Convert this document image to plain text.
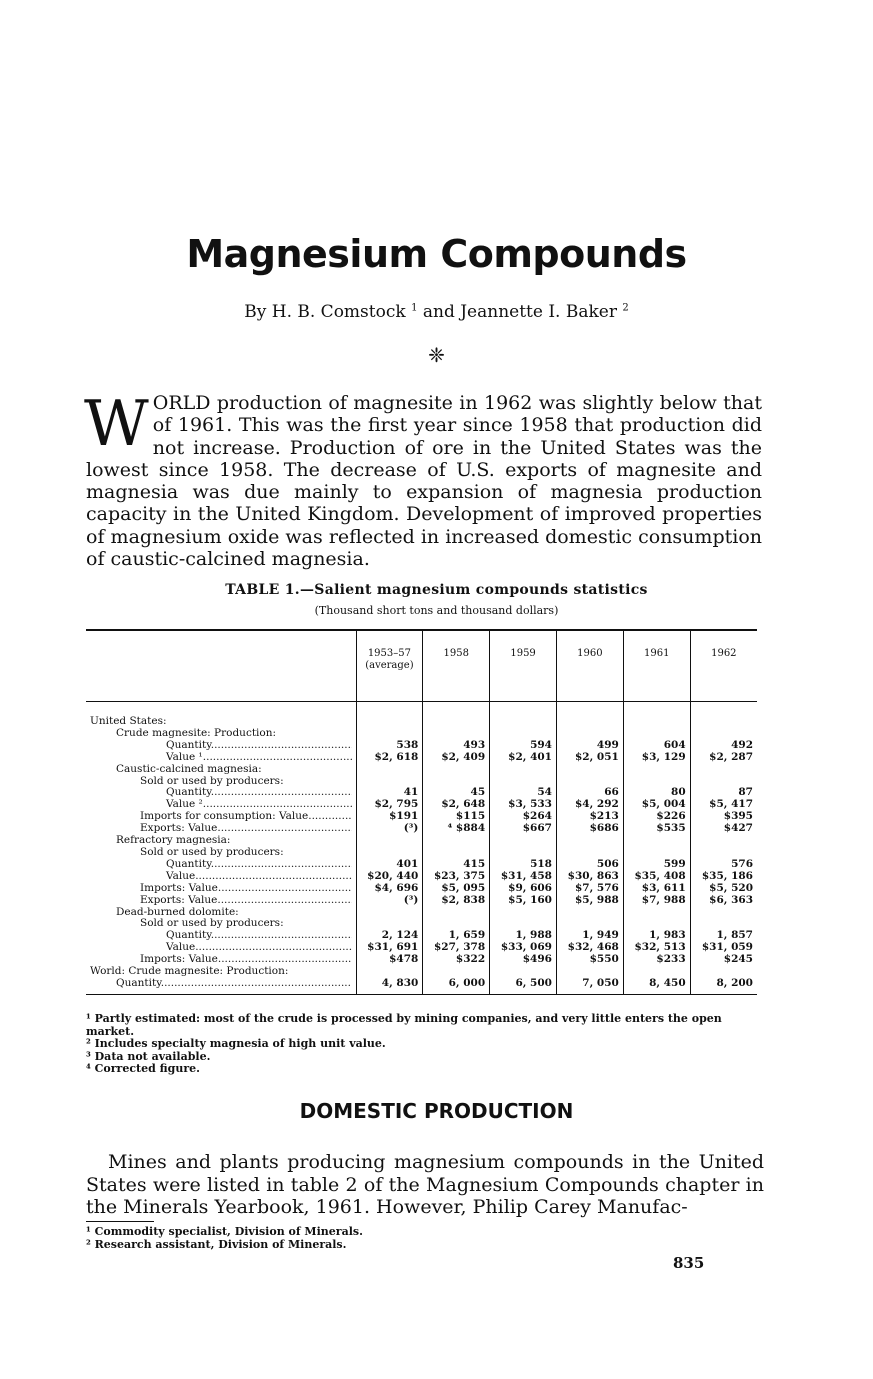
Magnesium Compounds
By H. B. Comstock $^1$ and Jeannette I. Baker $^2$
❈
W ORLD production of magnesite in 1962 was slightly below that of 1961. This was the first year since 1958 that production did not increase. Production of ore in the United States was the lowest since 1958. The decrease of U.S. exports of magnesite and magnesia was due mainly to expansion of magnesia production capacity in the United Kingdom. Development of improved properties of magnesium oxide was reflected in increased domestic consumption of caustic-calcined magnesia.
TABLE 1.—Salient magnesium compounds statistics
(Thousand short tons and thousand dollars)
	1953–57
(average)	1958	1959	1960	1961	1962

United States:						

Crude magnesite: Production:						

Quantity .....	538	493	594	499	604	492

Value ¹ .....	$2, 618	$2, 409	$2, 401	$2, 051	$3, 129	$2, 287

Caustic-calcined magnesia:						

Sold or used by producers:						

Quantity .....	41	45	54	66	80	87

Value ² .....	$2, 795	$2, 648	$3, 533	$4, 292	$5, 004	$5, 417

Imports for consumption: Value .....	$191	$115	$264	$213	$226	$395

Exports: Value .....	(³)	⁴ $884	$667	$686	$535	$427

Refractory magnesia:						

Sold or used by producers:						

Quantity .....	401	415	518	506	599	576

Value .....	$20, 440	$23, 375	$31, 458	$30, 863	$35, 408	$35, 186

Imports: Value .....	$4, 696	$5, 095	$9, 606	$7, 576	$3, 611	$5, 520

Exports: Value .....	(³)	$2, 838	$5, 160	$5, 988	$7, 988	$6, 363

Dead-burned dolomite:						

Sold or used by producers:						

Quantity .....	2, 124	1, 659	1, 988	1, 949	1, 983	1, 857

Value .....	$31, 691	$27, 378	$33, 069	$32, 468	$32, 513	$31, 059

Imports: Value .....	$478	$322	$496	$550	$233	$245

World: Crude magnesite: Production:						

Quantity .....	4, 830	6, 000	6, 500	7, 050	8, 450	8, 200
¹ Partly estimated: most of the crude is processed by mining companies, and very little enters the open market.
² Includes specialty magnesia of high unit value.
³ Data not available.
⁴ Corrected figure.
DOMESTIC PRODUCTION
Mines and plants producing magnesium compounds in the United States were listed in table 2 of the Magnesium Compounds chapter in the Minerals Yearbook, 1961. However, Philip Carey Manufac-
¹ Commodity specialist, Division of Minerals.
² Research assistant, Division of Minerals.
835
